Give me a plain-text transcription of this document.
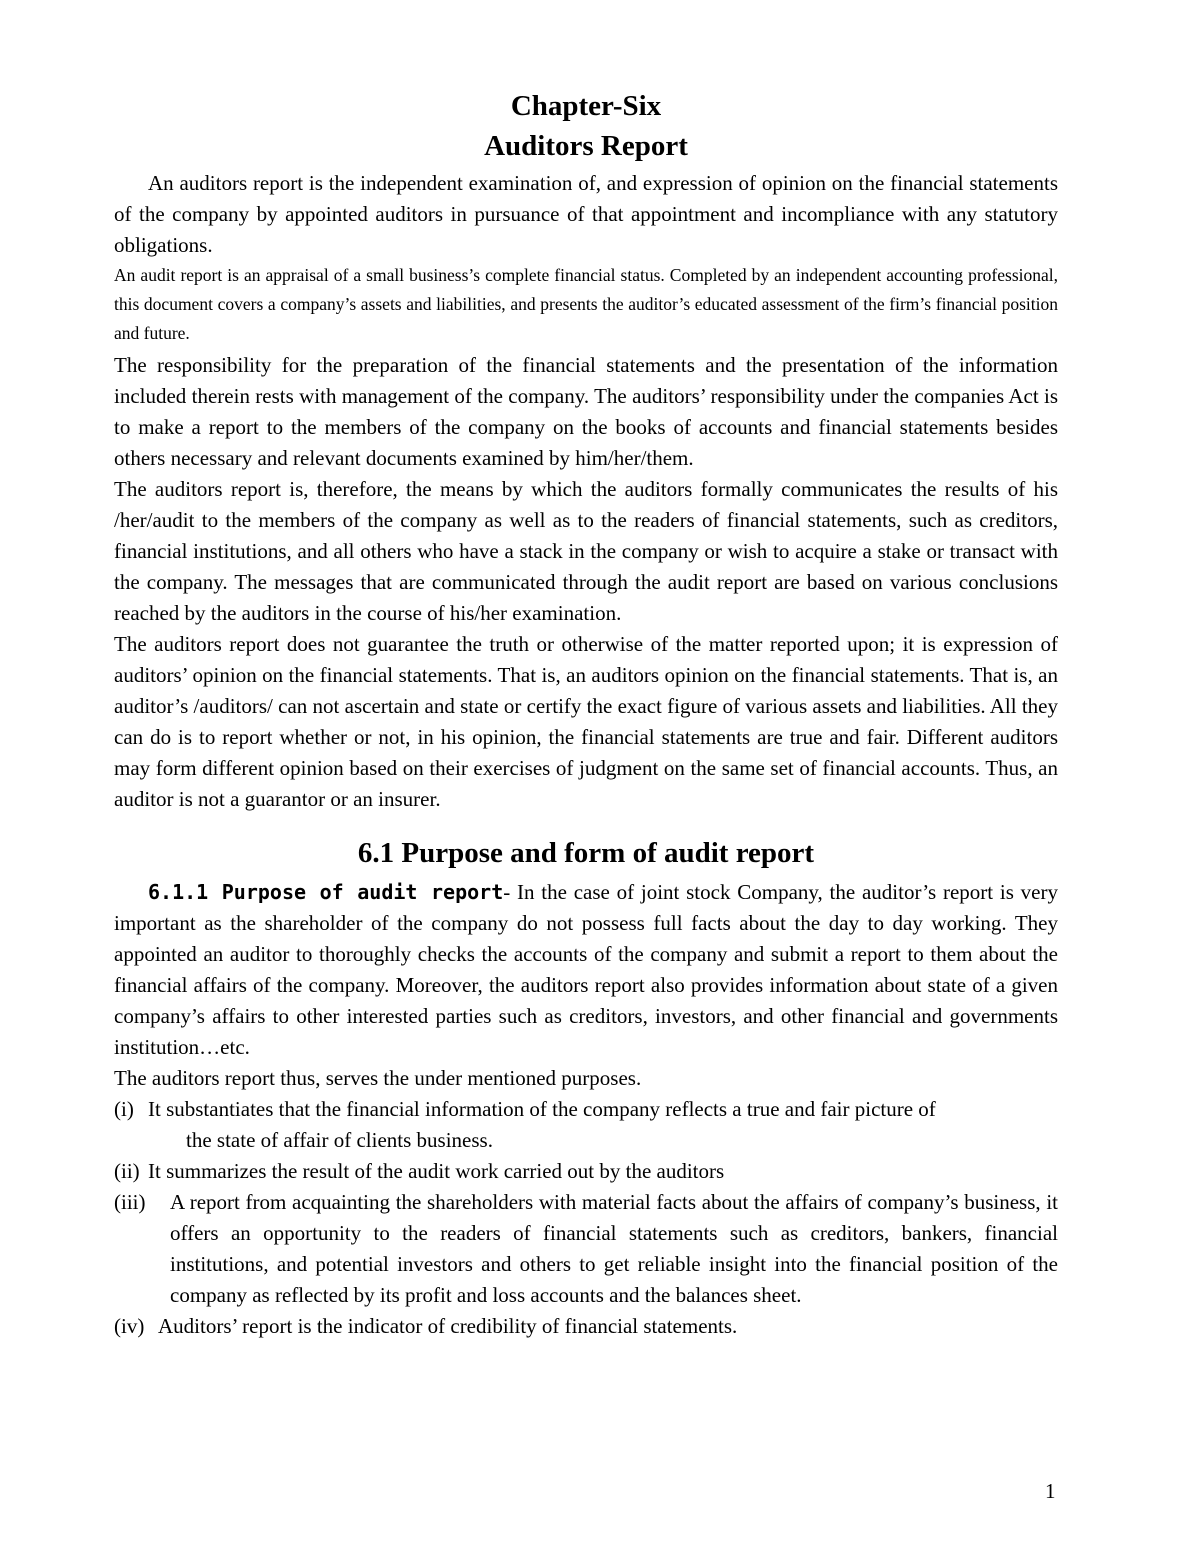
Chapter-Six
Auditors Report

An auditors report is the independent examination of, and expression of opinion on the financial statements of the company by appointed auditors in pursuance of that appointment and incompliance with any statutory obligations.

An audit report is an appraisal of a small business’s complete financial status. Completed by an independent accounting professional, this document covers a company’s assets and liabilities, and presents the auditor’s educated assessment of the firm’s financial position and future.

The responsibility for the preparation of the financial statements and the presentation of the information included therein rests with management of the company. The auditors’ responsibility under the companies Act is to make a report to the members of the company on the books of accounts and financial statements besides others necessary and relevant documents examined by him/her/them.

The auditors report is, therefore, the means by which the auditors formally communicates the results of his /her/audit to the members of the company as well as to the readers of financial statements, such as creditors, financial institutions, and all others who have a stack in the company or wish to acquire a stake or transact with the company. The messages that are communicated through the audit report are based on various conclusions reached by the auditors in the course of his/her examination.

The auditors report does not guarantee the truth or otherwise of the matter reported upon; it is expression of auditors’ opinion on the financial statements. That is, an auditors opinion on the financial statements. That is, an auditor’s /auditors/ can not ascertain and state or certify the exact figure of various assets and liabilities. All they can do is to report whether or not, in his opinion, the financial statements are true and fair. Different auditors may form different opinion based on their exercises of judgment on the same set of financial accounts. Thus, an auditor is not a guarantor or an insurer.

6.1 Purpose and form of audit report

6.1.1 Purpose of audit report- In the case of joint stock Company, the auditor’s report is very important as the shareholder of the company do not possess full facts about the day to day working. They appointed an auditor to thoroughly checks the accounts of the company and submit a report to them about the financial affairs of the company. Moreover, the auditors report also provides information about state of a given company’s affairs to other interested parties such as creditors, investors, and other financial and governments institution…etc.

The auditors report thus, serves the under mentioned purposes.

(i) It substantiates that the financial information of the company reflects a true and fair picture of
the state of affair of clients business.
(ii) It summarizes the result of the audit work carried out by the auditors
(iii)	A report from acquainting the shareholders with material facts about the affairs of company’s business, it offers an opportunity to the readers of financial statements such as creditors, bankers, financial institutions, and potential investors and others to get reliable insight into the financial position of the company as reflected by its profit and loss accounts and the balances sheet.
(iv) Auditors’ report is the indicator of credibility of financial statements.
1
